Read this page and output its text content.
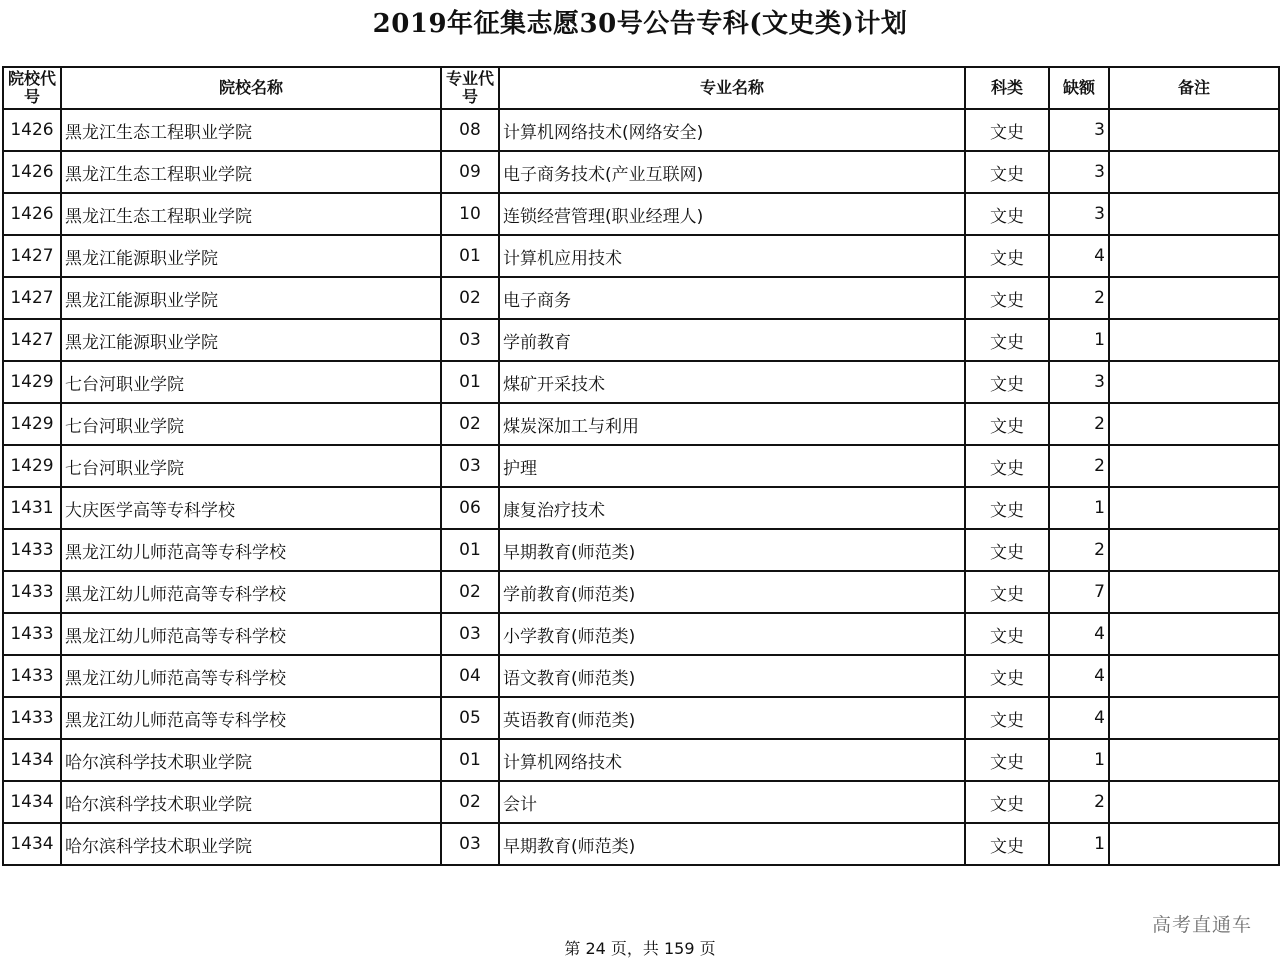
2019年征集志愿30号公告专科(文史类)计划
院校代号	院校名称	专业代号	专业名称	科类	缺额	备注
1426	黑龙江生态工程职业学院	08	计算机网络技术(网络安全)	文史	3	
1426	黑龙江生态工程职业学院	09	电子商务技术(产业互联网)	文史	3	
1426	黑龙江生态工程职业学院	10	连锁经营管理(职业经理人)	文史	3	
1427	黑龙江能源职业学院	01	计算机应用技术	文史	4	
1427	黑龙江能源职业学院	02	电子商务	文史	2	
1427	黑龙江能源职业学院	03	学前教育	文史	1	
1429	七台河职业学院	01	煤矿开采技术	文史	3	
1429	七台河职业学院	02	煤炭深加工与利用	文史	2	
1429	七台河职业学院	03	护理	文史	2	
1431	大庆医学高等专科学校	06	康复治疗技术	文史	1	
1433	黑龙江幼儿师范高等专科学校	01	早期教育(师范类)	文史	2	
1433	黑龙江幼儿师范高等专科学校	02	学前教育(师范类)	文史	7	
1433	黑龙江幼儿师范高等专科学校	03	小学教育(师范类)	文史	4	
1433	黑龙江幼儿师范高等专科学校	04	语文教育(师范类)	文史	4	
1433	黑龙江幼儿师范高等专科学校	05	英语教育(师范类)	文史	4	
1434	哈尔滨科学技术职业学院	01	计算机网络技术	文史	1	
1434	哈尔滨科学技术职业学院	02	会计	文史	2	
1434	哈尔滨科学技术职业学院	03	早期教育(师范类)	文史	1	
高考直通车
第 24 页，共 159 页
